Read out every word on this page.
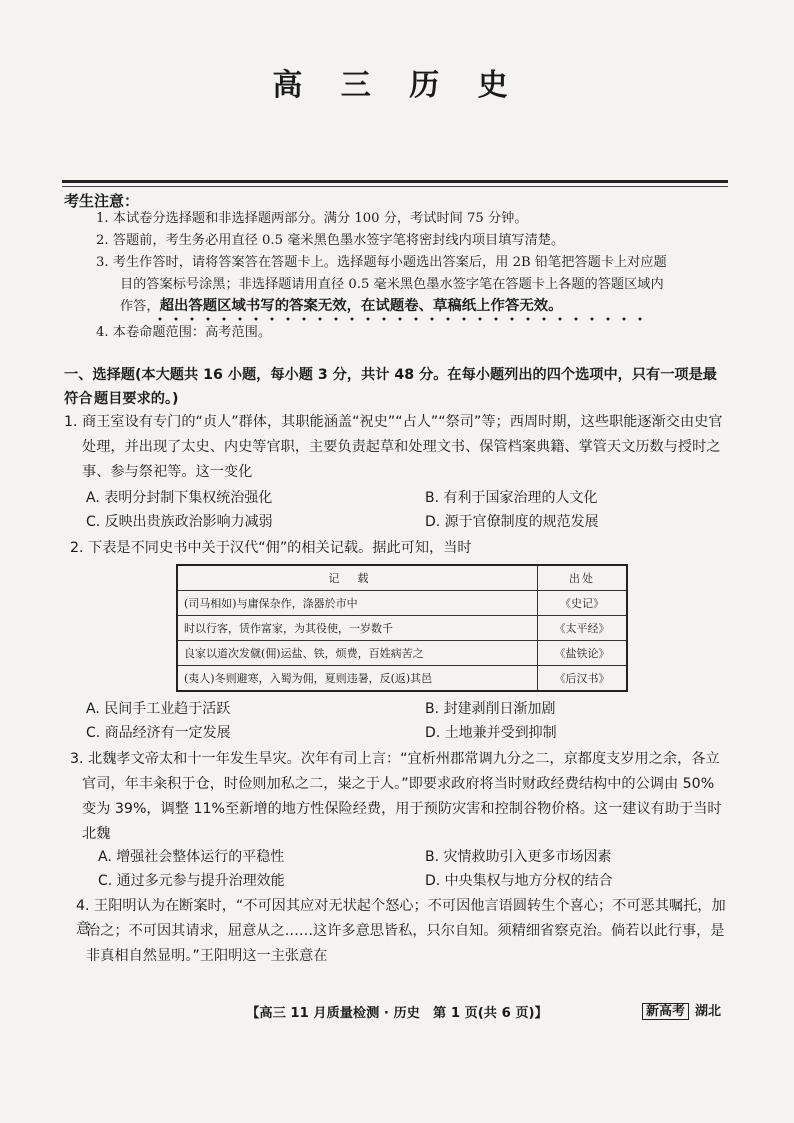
高 三 历 史
考生注意：
1. 本试卷分选择题和非选择题两部分。满分 100 分，考试时间 75 分钟。
2. 答题前，考生务必用直径 0.5 毫米黑色墨水签字笔将密封线内项目填写清楚。
3. 考生作答时，请将答案答在答题卡上。选择题每小题选出答案后，用 2B 铅笔把答题卡上对应题
目的答案标号涂黑；非选择题请用直径 0.5 毫米黑色墨水签字笔在答题卡上各题的答题区域内
作答，超出答题区域书写的答案无效，在试题卷、草稿纸上作答无效。
4. 本卷命题范围：高考范围。
一、选择题(本大题共 16 小题，每小题 3 分，共计 48 分。在每小题列出的四个选项中，只有一项是最符合 题目要求的。)
1. 商王室设有专门的“贞人”群体，其职能涵盖“祝史”“占人”“祭司”等；西周时期，这些职能逐渐交由史官
处理，并出现了太史、内史等官职，主要负责起草和处理文书、保管档案典籍、掌管天文历数与授时之
事、参与祭祀等。这一变化
A. 表明分封制下集权统治强化	B. 有利于国家治理的人文化
C. 反映出贵族政治影响力减弱	D. 源于官僚制度的规范发展
2. 下表是不同史书中关于汉代“佣”的相关记载。据此可知，当时
记载	出处
(司马相如)与庸保杂作，涤器於市中	《史记》
时以行客，赁作富家，为其役使，一岁数千	《太平经》
良家以道次发僦(佣)运盐、铁，烦费，百姓病苦之	《盐铁论》
(夷人)冬则避寒，入蜀为佣，夏则违暑，反(返)其邑	《后汉书》
A. 民间手工业趋于活跃	B. 封建剥削日渐加剧
C. 商品经济有一定发展	D. 土地兼并受到抑制
3. 北魏孝文帝太和十一年发生旱灾。次年有司上言：“宜析州郡常调九分之二，京都度支岁用之余，各立
官司，年丰籴积于仓，时俭则加私之二，粜之于人。”即要求政府将当时财政经费结构中的公调由 50%
变为 39%，调整 11%至新增的地方性保险经费，用于预防灾害和控制谷物价格。这一建议有助于当时
北魏
A. 增强社会整体运行的平稳性	B. 灾情救助引入更多市场因素
C. 通过多元参与提升治理效能	D. 中央集权与地方分权的结合
4. 王阳明认为在断案时，“不可因其应对无状起个怒心；不可因他言语圆转生个喜心；不可恶其嘱托，加意
治之；不可因其请求，屈意从之……这许多意思皆私，只尔自知。须精细省察克治。倘若以此行事，是
非真相自然显明。”王阳明这一主张意在
【高三 11 月质量检测 · 历史　第 1 页(共 6 页)】	新高考 湖北
